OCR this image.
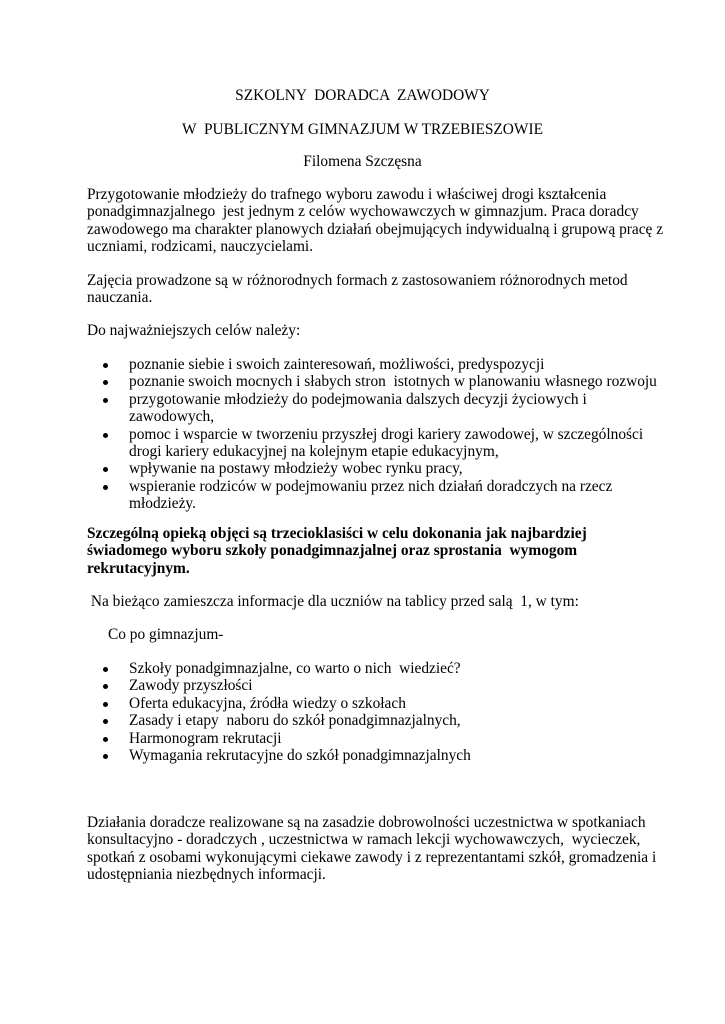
SZKOLNY  DORADCA  ZAWODOWY
W  PUBLICZNYM GIMNAZJUM W TRZEBIESZOWIE
Filomena Szczęsna
Przygotowanie młodzieży do trafnego wyboru zawodu i właściwej drogi kształcenia
ponadgimnazjalnego  jest jednym z celów wychowawczych w gimnazjum. Praca doradcy
zawodowego ma charakter planowych działań obejmujących indywidualną i grupową pracę z
uczniami, rodzicami, nauczycielami.
Zajęcia prowadzone są w różnorodnych formach z zastosowaniem różnorodnych metod
nauczania.
Do najważniejszych celów należy:
poznanie siebie i swoich zainteresowań, możliwości, predyspozycji
poznanie swoich mocnych i słabych stron  istotnych w planowaniu własnego rozwoju
przygotowanie młodzieży do podejmowania dalszych decyzji życiowych i
zawodowych,
pomoc i wsparcie w tworzeniu przyszłej drogi kariery zawodowej, w szczególności
drogi kariery edukacyjnej na kolejnym etapie edukacyjnym,
wpływanie na postawy młodzieży wobec rynku pracy,
wspieranie rodziców w podejmowaniu przez nich działań doradczych na rzecz
młodzieży.
Szczególną opieką objęci są trzecioklasiści w celu dokonania jak najbardziej
świadomego wyboru szkoły ponadgimnazjalnej oraz sprostania  wymogom
rekrutacyjnym.
Na bieżąco zamieszcza informacje dla uczniów na tablicy przed salą  1, w tym:
Co po gimnazjum-
Szkoły ponadgimnazjalne, co warto o nich  wiedzieć?
Zawody przyszłości
Oferta edukacyjna, źródła wiedzy o szkołach
Zasady i etapy  naboru do szkół ponadgimnazjalnych,
Harmonogram rekrutacji
Wymagania rekrutacyjne do szkół ponadgimnazjalnych
Działania doradcze realizowane są na zasadzie dobrowolności uczestnictwa w spotkaniach
konsultacyjno - doradczych , uczestnictwa w ramach lekcji wychowawczych,  wycieczek,
spotkań z osobami wykonującymi ciekawe zawody i z reprezentantami szkół, gromadzenia i
udostępniania niezbędnych informacji.
